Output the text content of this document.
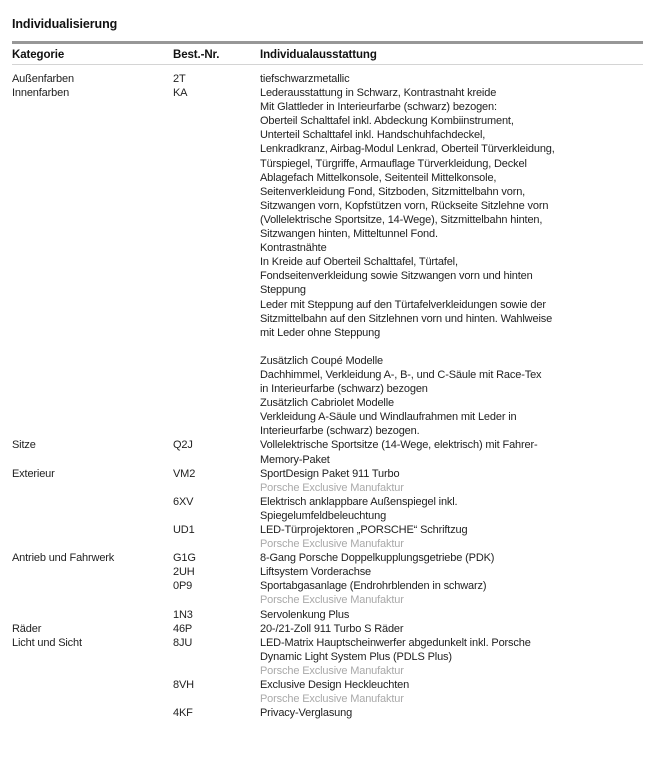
Individualisierung
Kategorie	Best.-Nr.	Individualausstattung
Außenfarben	2T	tiefschwarzmetallic
Innenfarben	KA	Lederausstattung in Schwarz, Kontrastnaht kreide
Mit Glattleder in Interieurfarbe (schwarz) bezogen:
Oberteil Schalttafel inkl. Abdeckung Kombiinstrument,
Unterteil Schalttafel inkl. Handschuhfachdeckel,
Lenkradkranz, Airbag-Modul Lenkrad, Oberteil Türverkleidung,
Türspiegel, Türgriffe, Armauflage Türverkleidung, Deckel
Ablagefach Mittelkonsole, Seitenteil Mittelkonsole,
Seitenverkleidung Fond, Sitzboden, Sitzmittelbahn vorn,
Sitzwangen vorn, Kopfstützen vorn, Rückseite Sitzlehne vorn
(Vollelektrische Sportsitze, 14-Wege), Sitzmittelbahn hinten,
Sitzwangen hinten, Mitteltunnel Fond.
Kontrastnähte
In Kreide auf Oberteil Schalttafel, Türtafel,
Fondseitenverkleidung sowie Sitzwangen vorn und hinten
Steppung
Leder mit Steppung auf den Türtafelverkleidungen sowie der
Sitzmittelbahn auf den Sitzlehnen vorn und hinten. Wahlweise
mit Leder ohne Steppung

Zusätzlich Coupé Modelle
Dachhimmel, Verkleidung A-, B-, und C-Säule mit Race-Tex
in Interieurfarbe (schwarz) bezogen
Zusätzlich Cabriolet Modelle
Verkleidung A-Säule und Windlaufrahmen mit Leder in
Interieurfarbe (schwarz) bezogen.
Sitze	Q2J	Vollelektrische Sportsitze (14-Wege, elektrisch) mit Fahrer-
Memory-Paket
Exterieur	VM2	SportDesign Paket 911 Turbo
Porsche Exclusive Manufaktur
6XV	Elektrisch anklappbare Außenspiegel inkl.
Spiegelumfeldbeleuchtung
UD1	LED-Türprojektoren „PORSCHE“ Schriftzug
Porsche Exclusive Manufaktur
Antrieb und Fahrwerk	G1G	8-Gang Porsche Doppelkupplungsgetriebe (PDK)
2UH	Liftsystem Vorderachse
0P9	Sportabgasanlage (Endrohrblenden in schwarz)
Porsche Exclusive Manufaktur
1N3	Servolenkung Plus
Räder	46P	20-/21-Zoll 911 Turbo S Räder
Licht und Sicht	8JU	LED-Matrix Hauptscheinwerfer abgedunkelt inkl. Porsche
Dynamic Light System Plus (PDLS Plus)
Porsche Exclusive Manufaktur
8VH	Exclusive Design Heckleuchten
Porsche Exclusive Manufaktur
4KF	Privacy-Verglasung
